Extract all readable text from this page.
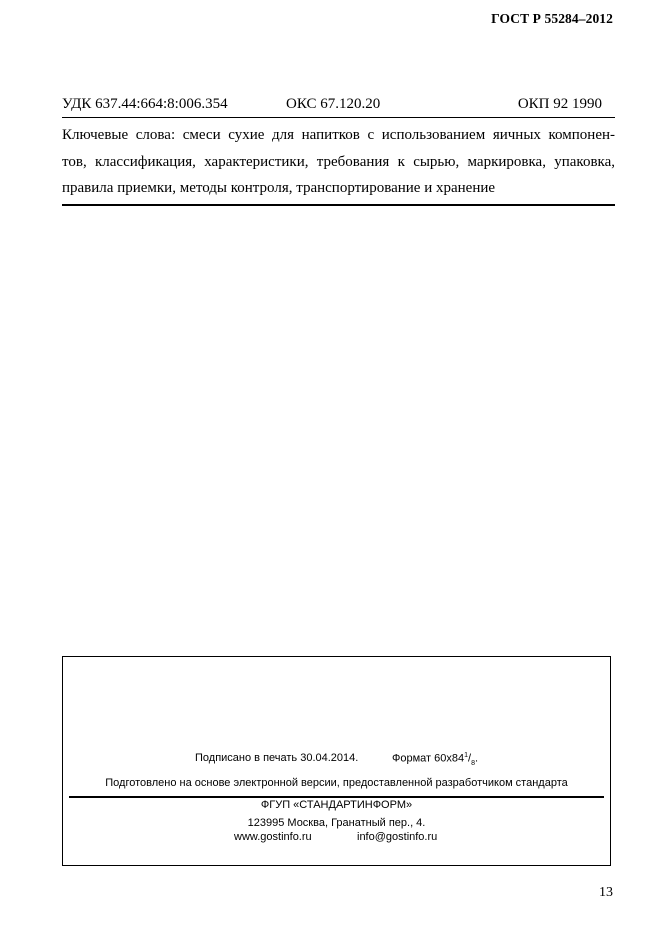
ГОСТ Р 55284–2012
УДК 637.44:664:8:006.354	ОКС 67.120.20	ОКП 92 1990
Ключевые слова: смеси сухие для напитков с использованием яичных компонен-
тов, классификация, характеристики, требования к сырью, маркировка, упаковка,
правила приемки, методы контроля, транспортирование и хранение
Подписано в печать 30.04.2014.	Формат $60x84^1/_8$.
Подготовлено на основе электронной версии, предоставленной разработчиком стандарта
ФГУП «СТАНДАРТИНФОРМ»
123995 Москва, Гранатный пер., 4.
www.gostinfo.ru	info@gostinfo.ru
13
